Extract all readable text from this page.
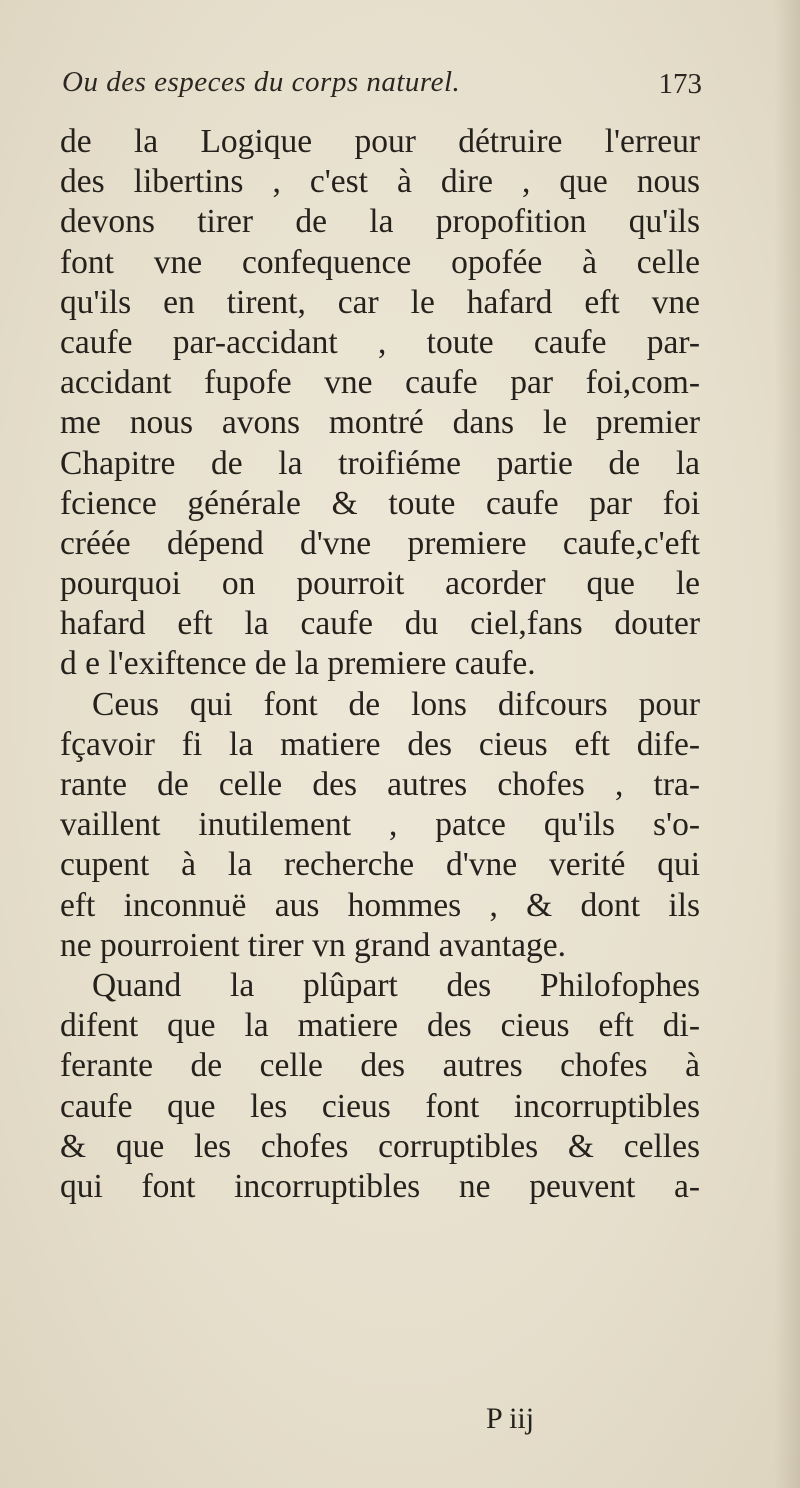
Ou des especes du corps naturel.	173
de la Logique pour détruire l'erreur
des libertins , c'est à dire , que nous
devons tirer de la propofition qu'ils
font vne confequence opofée à celle
qu'ils en tirent, car le hafard eft vne
caufe par-accidant , toute caufe par-
accidant fupofe vne caufe par foi,com-
me nous avons montré dans le premier
Chapitre de la troifiéme partie de la
fcience générale & toute caufe par foi
créée dépend d'vne premiere caufe,c'eft
pourquoi on pourroit acorder que le
hafard eft la caufe du ciel,fans douter
d e l'exiftence de la premiere caufe.
Ceus qui font de lons difcours pour
fçavoir fi la matiere des cieus eft dife-
rante de celle des autres chofes , tra-
vaillent inutilement , patce qu'ils s'o-
cupent à la recherche d'vne verité qui
eft inconnuë aus hommes , & dont ils
ne pourroient tirer vn grand avantage.
Quand la plûpart des Philofophes
difent que la matiere des cieus eft di-
ferante de celle des autres chofes à
caufe que les cieus font incorruptibles
& que les chofes corruptibles & celles
qui font incorruptibles ne peuvent a-
P iij
